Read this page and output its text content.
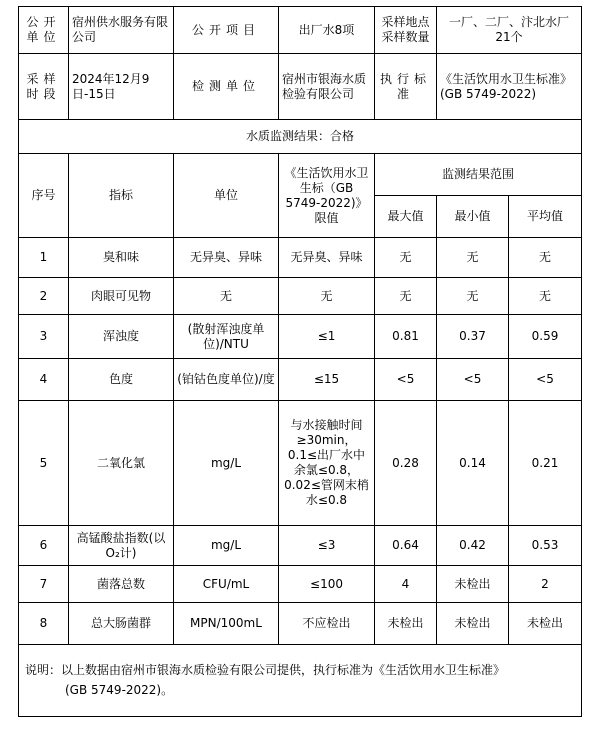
公开单位	宿州供水服务有限公司	公开项目	出厂水8项	采样地点采样数量	一厂、二厂、汴北水厂 21个	
采样时段	2024年12月9日-15日	检测单位	宿州市银海水质检验有限公司	执行标准	《生活饮用水卫生标准》(GB 5749-2022)	
水质监测结果：合格						
序号	指标	单位	《生活饮用水卫生标（GB 5749-2022)》限值	监测结果范围		
				最大值	最小值	平均值
1	臭和味	无异臭、异味	无异臭、异味	无	无	无
2	肉眼可见物	无	无	无	无	无
3	浑浊度	(散射浑浊度单位)/NTU	≤1	0.81	0.37	0.59
4	色度	(铂钴色度单位)/度	≤15	<5	<5	<5
5	二氧化氯	mg/L	与水接触时间≥30min，0.1≤出厂水中余氯≤0.8，0.02≤管网末梢水≤0.8	0.28	0.14	0.21
6	高锰酸盐指数(以O₂计)	mg/L	≤3	0.64	0.42	0.53
7	菌落总数	CFU/mL	≤100	4	未检出	2
8	总大肠菌群	MPN/100mL	不应检出	未检出	未检出	未检出
说明：以上数据由宿州市银海水质检验有限公司提供，执行标准为《生活饮用水卫生标准》
(GB 5749-2022)。						
